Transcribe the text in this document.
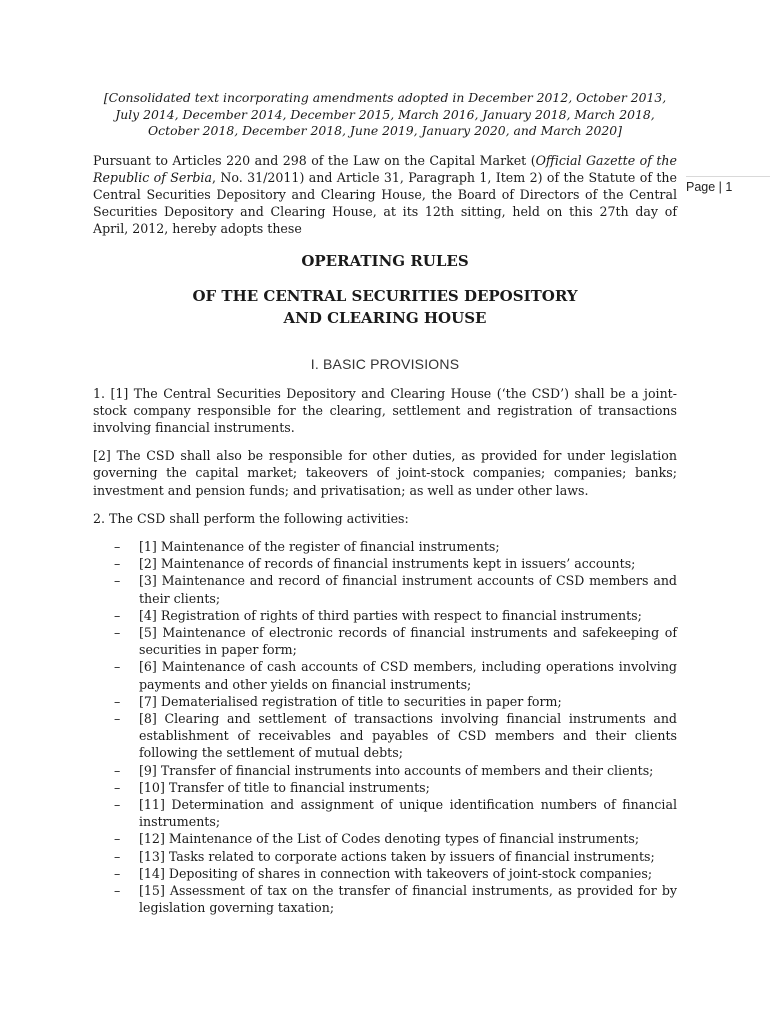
Page | 1

[Consolidated text incorporating amendments adopted in December 2012, October 2013, July 2014, December 2014, December 2015, March 2016, January 2018, March 2018, October 2018, December 2018, June 2019, January 2020, and March 2020]

Pursuant to Articles 220 and 298 of the Law on the Capital Market (Official Gazette of the Republic of Serbia, No. 31/2011) and Article 31, Paragraph 1, Item 2) of the Statute of the Central Securities Depository and Clearing House, the Board of Directors of the Central Securities Depository and Clearing House, at its 12th sitting, held on this 27th day of April, 2012, hereby adopts these

OPERATING RULES
OF THE CENTRAL SECURITIES DEPOSITORY
AND CLEARING HOUSE
I. BASIC PROVISIONS

1. [1] The Central Securities Depository and Clearing House (‘the CSD’) shall be a joint-stock company responsible for the clearing, settlement and registration of transactions involving financial instruments.

[2] The CSD shall also be responsible for other duties, as provided for under legislation governing the capital market; takeovers of joint-stock companies; companies; banks; investment and pension funds; and privatisation; as well as under other laws.

2. The CSD shall perform the following activities:

– [1] Maintenance of the register of financial instruments;
– [2] Maintenance of records of financial instruments kept in issuers’ accounts;
– [3] Maintenance and record of financial instrument accounts of CSD members and their clients;
– [4] Registration of rights of third parties with respect to financial instruments;
– [5] Maintenance of electronic records of financial instruments and safekeeping of securities in paper form;
– [6] Maintenance of cash accounts of CSD members, including operations involving payments and other yields on financial instruments;
– [7] Dematerialised registration of title to securities in paper form;
– [8] Clearing and settlement of transactions involving financial instruments and establishment of receivables and payables of CSD members and their clients following the settlement of mutual debts;
– [9] Transfer of financial instruments into accounts of members and their clients;
– [10] Transfer of title to financial instruments;
– [11] Determination and assignment of unique identification numbers of financial instruments;
– [12] Maintenance of the List of Codes denoting types of financial instruments;
– [13] Tasks related to corporate actions taken by issuers of financial instruments;
– [14] Depositing of shares in connection with takeovers of joint-stock companies;
– [15] Assessment of tax on the transfer of financial instruments, as provided for by legislation governing taxation;
